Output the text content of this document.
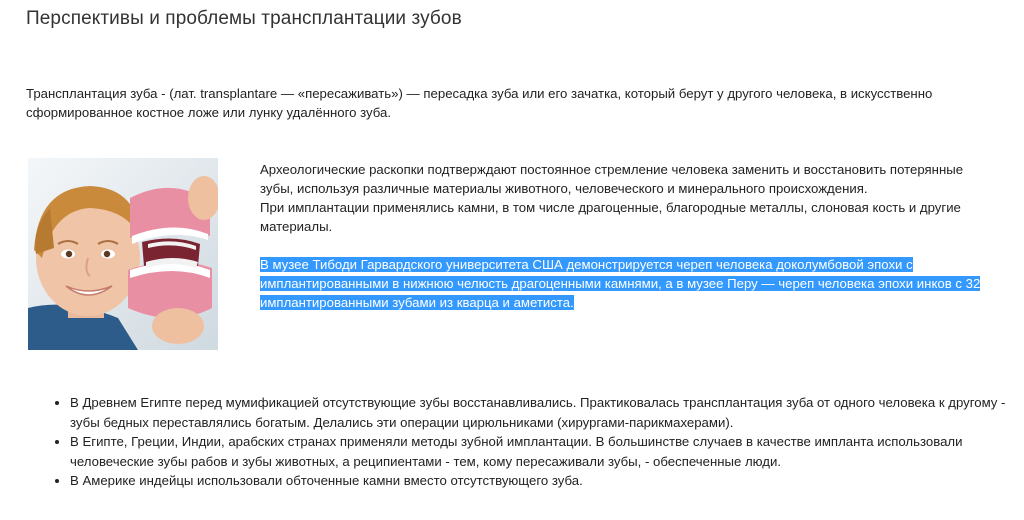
Перспективы и проблемы трансплантации зубов

Трансплантация зуба - (лат. transplantare — «пересаживать») — пересадка зуба или его зачатка, который берут у другого человека, в искусственно сформированное костное ложе или лунку удалённого зуба.

Археологические раскопки подтверждают постоянное стремление человека заменить и восстановить потерянные зубы, используя различные материалы животного, человеческого и минерального происхождения.

При имплантации применялись камни, в том числе драгоценные, благородные металлы, слоновая кость и другие материалы.

В музее Тибоди Гарвардского университета США демонстрируется череп человека доколумбовой эпохи с имплантированными в нижнюю челюсть драгоценными камнями, а в музее Перу — череп человека эпохи инков с 32 имплантированными зубами из кварца и аметиста.

• В Древнем Египте перед мумификацией отсутствующие зубы восстанавливались. Практиковалась трансплантация зуба от одного человека к другому - зубы бедных переставлялись богатым. Делались эти операции цирюльниками (хирургами-парикмахерами).
• В Египте, Греции, Индии, арабских странах применяли методы зубной имплантации. В большинстве случаев в качестве импланта использовали человеческие зубы рабов и зубы животных, а реципиентами - тем, кому пересаживали зубы, - обеспеченные люди.
• В Америке индейцы использовали обточенные камни вместо отсутствующего зуба.
